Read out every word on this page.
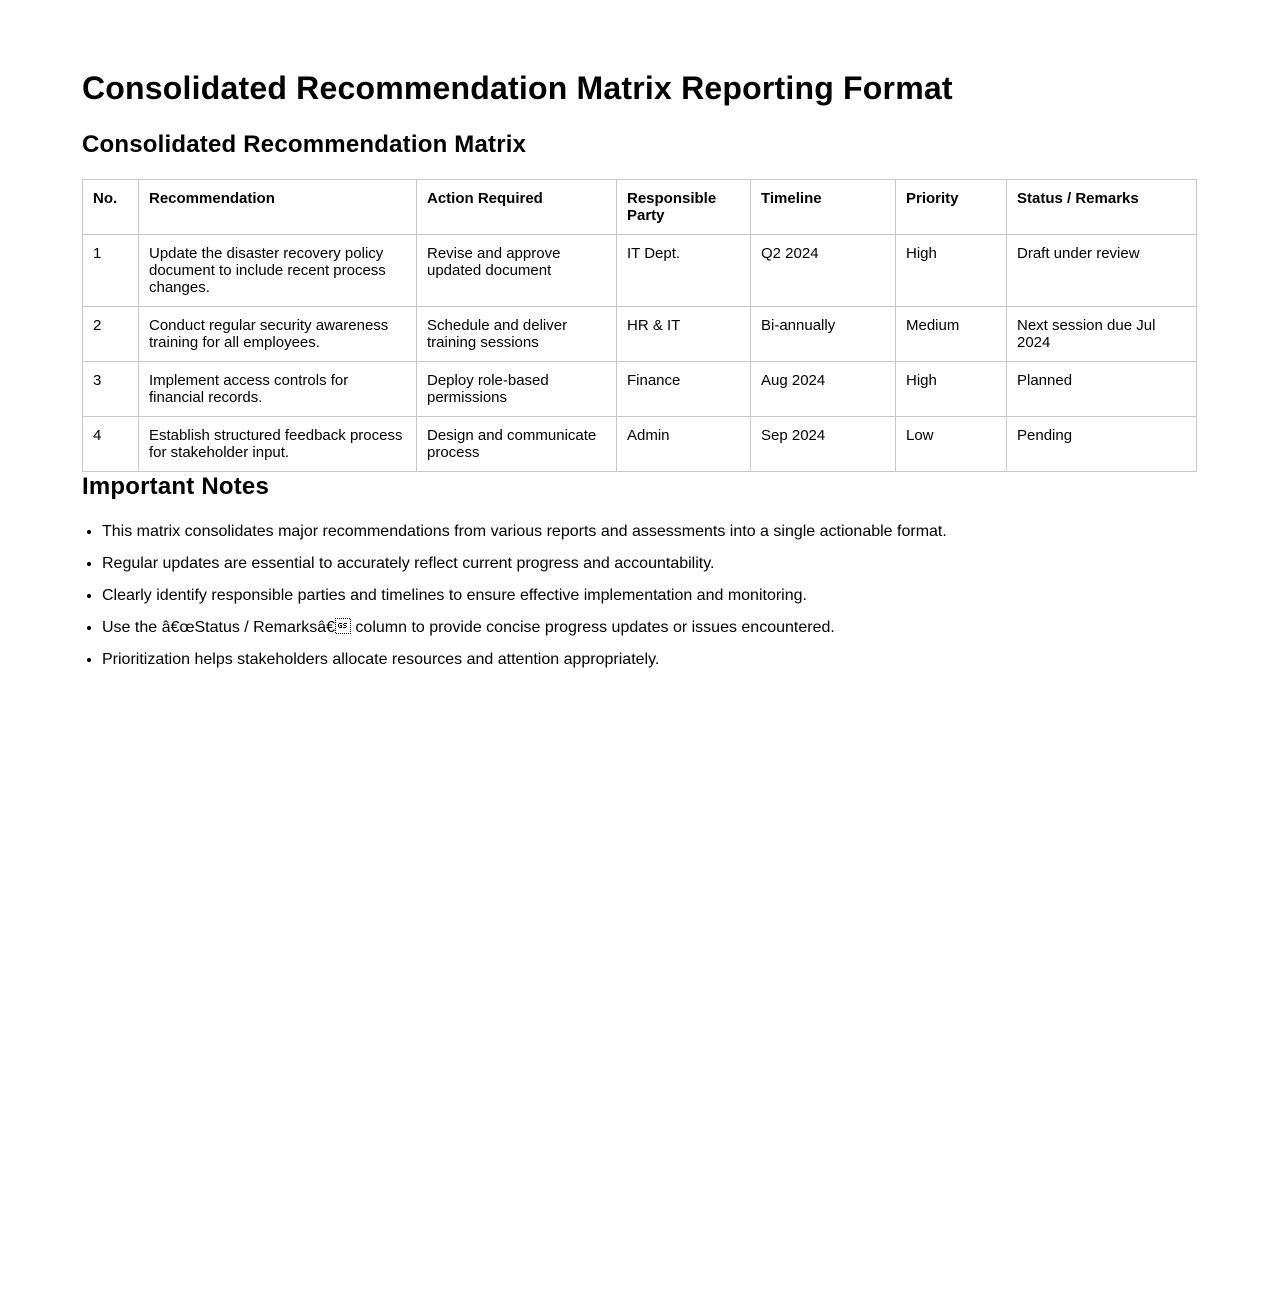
Consolidated Recommendation Matrix Reporting Format
Consolidated Recommendation Matrix
No.	Recommendation	Action Required	Responsible Party	Timeline	Priority	Status / Remarks
1	Update the disaster recovery policy document to include recent process changes.	Revise and approve updated document	IT Dept.	Q2 2024	High	Draft under review
2	Conduct regular security awareness training for all employees.	Schedule and deliver training sessions	HR & IT	Bi-annually	Medium	Next session due Jul 2024
3	Implement access controls for financial records.	Deploy role-based permissions	Finance	Aug 2024	High	Planned
4	Establish structured feedback process for stakeholder input.	Design and communicate process	Admin	Sep 2024	Low	Pending
Important Notes
• This matrix consolidates major recommendations from various reports and assessments into a single actionable format.
• Regular updates are essential to accurately reflect current progress and accountability.
• Clearly identify responsible parties and timelines to ensure effective implementation and monitoring.
• Use the â€œStatus / Remarksâ€ column to provide concise progress updates or issues encountered.
• Prioritization helps stakeholders allocate resources and attention appropriately.
